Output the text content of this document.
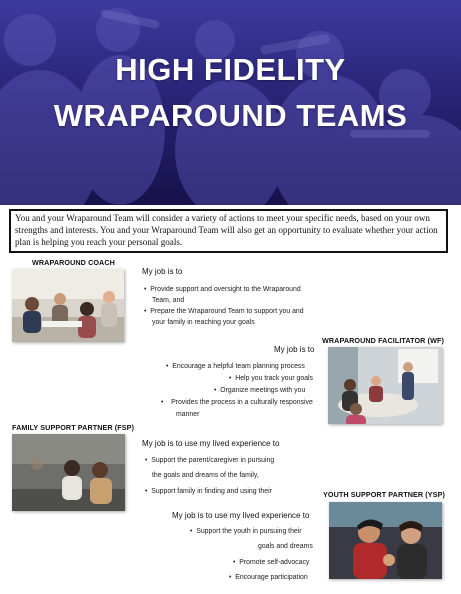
HIGH FIDELITY
WRAPAROUND TEAMS
You and your Wraparound Team will consider a variety of actions to meet your specific needs, based on your own strengths and interests. You and your Wraparound Team will also get an opportunity to evaluate whether your action plan is helping you reach your personal goals.
WRAPAROUND COACH
My job is to
•  Provide support and oversight to the Wraparound
Team, and
•  Prepare the Wraparound Team to support you and
your family in reaching your goals
WRAPAROUND FACILITATOR (WF)
My job is to
•  Encourage a helpful team planning process
•  Help you track your goals
•  Organize meetings with you
•    Provides the process in a culturally responsive
manner
FAMILY SUPPORT PARTNER (FSP)
My job is to use my lived experience to
•  Support the parent/caregiver in pursuing
the goals and dreams of the family,
•  Support family in finding and using their	YOUTH SUPPORT PARTNER (YSP)
My job is to use my lived experience to
•  Support the youth in pursuing their
goals and dreams
•  Promote self-advocacy
•  Encourage participation
